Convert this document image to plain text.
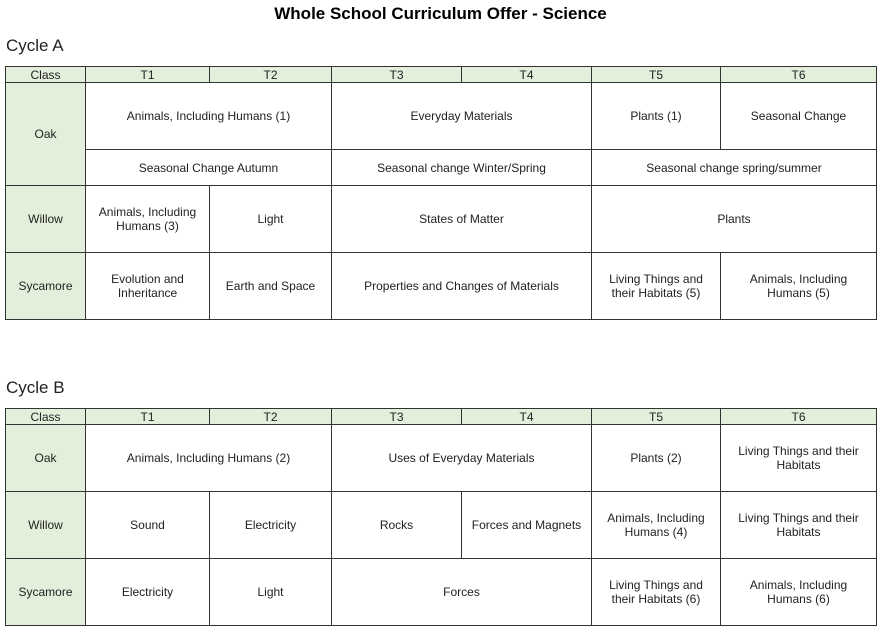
Whole School Curriculum Offer - Science
Cycle A
Class	T1	T2	T3	T4	T5	T6
Oak	Animals, Including Humans (1)		Everyday Materials		Plants (1)	Seasonal Change
	Seasonal Change Autumn		Seasonal change Winter/Spring		Seasonal change spring/summer	
Willow	Animals, Including Humans (3)	Light	States of Matter		Plants	
Sycamore	Evolution and Inheritance	Earth and Space	Properties and Changes of Materials		Living Things and their Habitats (5)	Animals, Including Humans (5)
Cycle B
Class	T1	T2	T3	T4	T5	T6
Oak	Animals, Including Humans (2)		Uses of Everyday Materials		Plants (2)	Living Things and their Habitats
Willow	Sound	Electricity	Rocks	Forces and Magnets	Animals, Including Humans (4)	Living Things and their Habitats
Sycamore	Electricity	Light	Forces		Living Things and their Habitats (6)	Animals, Including Humans (6)
